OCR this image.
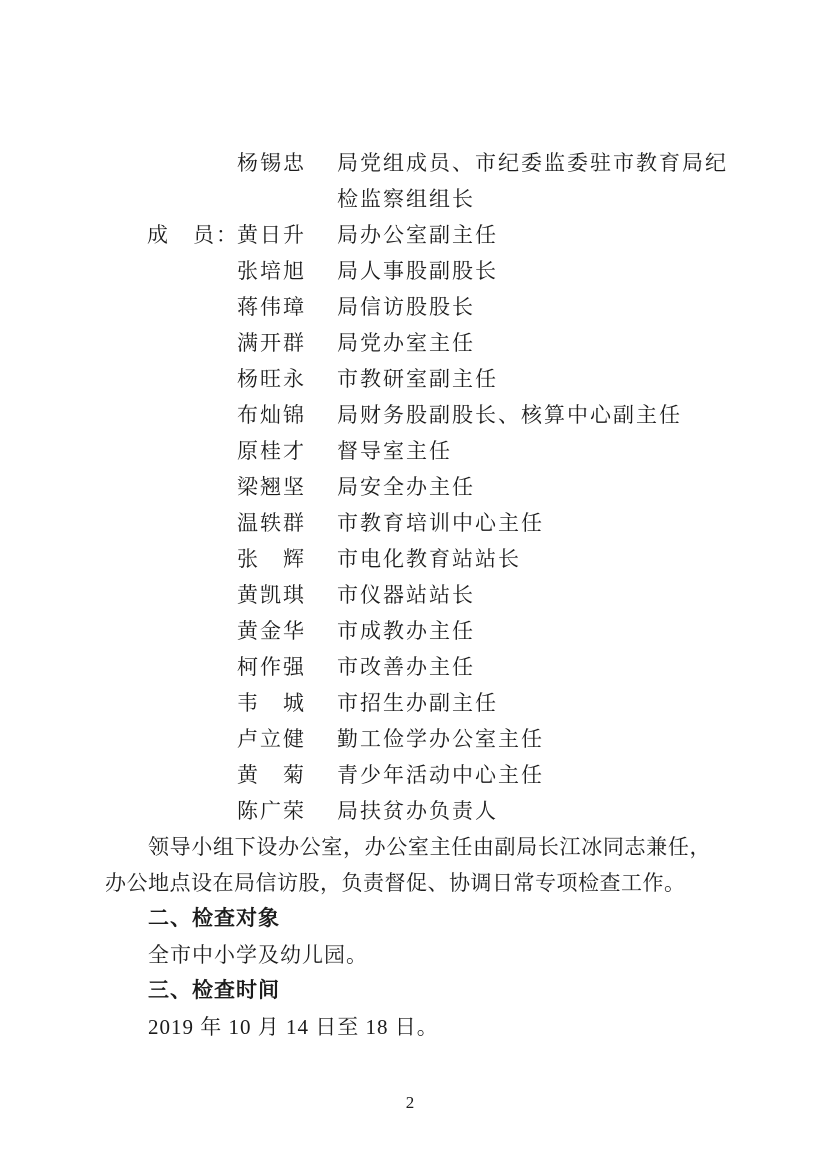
杨锡忠	局党组成员、市纪委监委驻市教育局纪
检监察组组长
成　员：
黄日升	局办公室副主任
张培旭	局人事股副股长
蒋伟璋	局信访股股长
满开群	局党办室主任
杨旺永	市教研室副主任
布灿锦	局财务股副股长、核算中心副主任
原桂才	督导室主任
梁翘坚	局安全办主任
温轶群	市教育培训中心主任
张　辉	市电化教育站站长
黄凯琪	市仪器站站长
黄金华	市成教办主任
柯作强	市改善办主任
韦　城	市招生办副主任
卢立健	勤工俭学办公室主任
黄　菊	青少年活动中心主任
陈广荣	局扶贫办负责人

领导小组下设办公室，办公室主任由副局长江冰同志兼任，办公地点设在局信访股，负责督促、协调日常专项检查工作。

二、检查对象

全市中小学及幼儿园。

三、检查时间

2019 年 10 月 14 日至 18 日。

2
